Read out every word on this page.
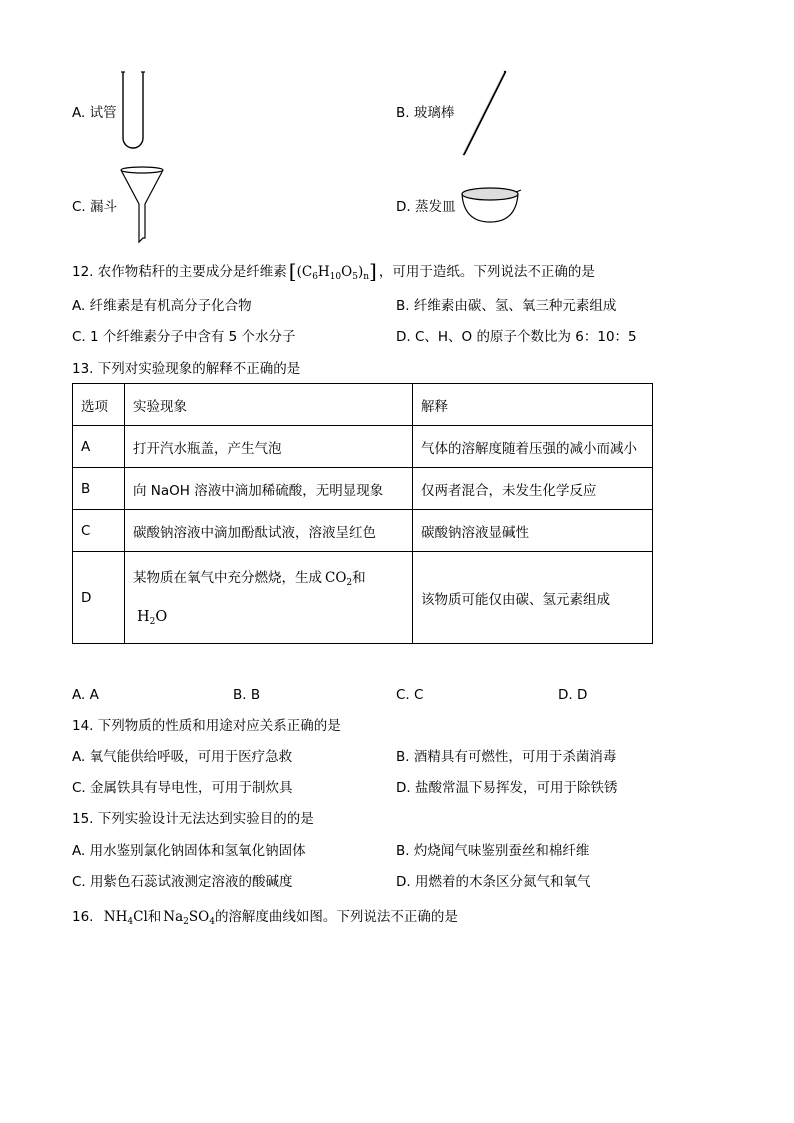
A. 试管	B. 玻璃棒
C. 漏斗	D. 蒸发皿
12. 农作物秸秆的主要成分是纤维素 $[(C_6H_{10}O_5)_n]$ ，可用于造纸。下列说法不正确的是
A. 纤维素是有机高分子化合物	B. 纤维素由碳、氢、氧三种元素组成
C. 1 个纤维素分子中含有 5 个水分子	D. C、H、O 的原子个数比为 6：10：5
13. 下列对实验现象的解释不正确的是
选项	实验现象	解释
A	打开汽水瓶盖，产生气泡	气体的溶解度随着压强的减小而减小
B	向 NaOH 溶液中滴加稀硫酸，无明显现象	仅两者混合，未发生化学反应
C	碳酸钠溶液中滴加酚酞试液，溶液呈红色	碳酸钠溶液显碱性
D	某物质在氧气中充分燃烧，生成 $CO_2$和
$H_2O$	该物质可能仅由碳、氢元素组成
A. A	B. B	C. C	D. D
14. 下列物质的性质和用途对应关系正确的是
A. 氧气能供给呼吸，可用于医疗急救	B. 酒精具有可燃性，可用于杀菌消毒
C. 金属铁具有导电性，可用于制炊具	D. 盐酸常温下易挥发，可用于除铁锈
15. 下列实验设计无法达到实验目的的是
A. 用水鉴别氯化钠固体和氢氧化钠固体	B. 灼烧闻气味鉴别蚕丝和棉纤维
C. 用紫色石蕊试液测定溶液的酸碱度	D. 用燃着的木条区分氮气和氧气
16. $NH_4Cl$和 $Na_2SO_4$的溶解度曲线如图。下列说法不正确的是
